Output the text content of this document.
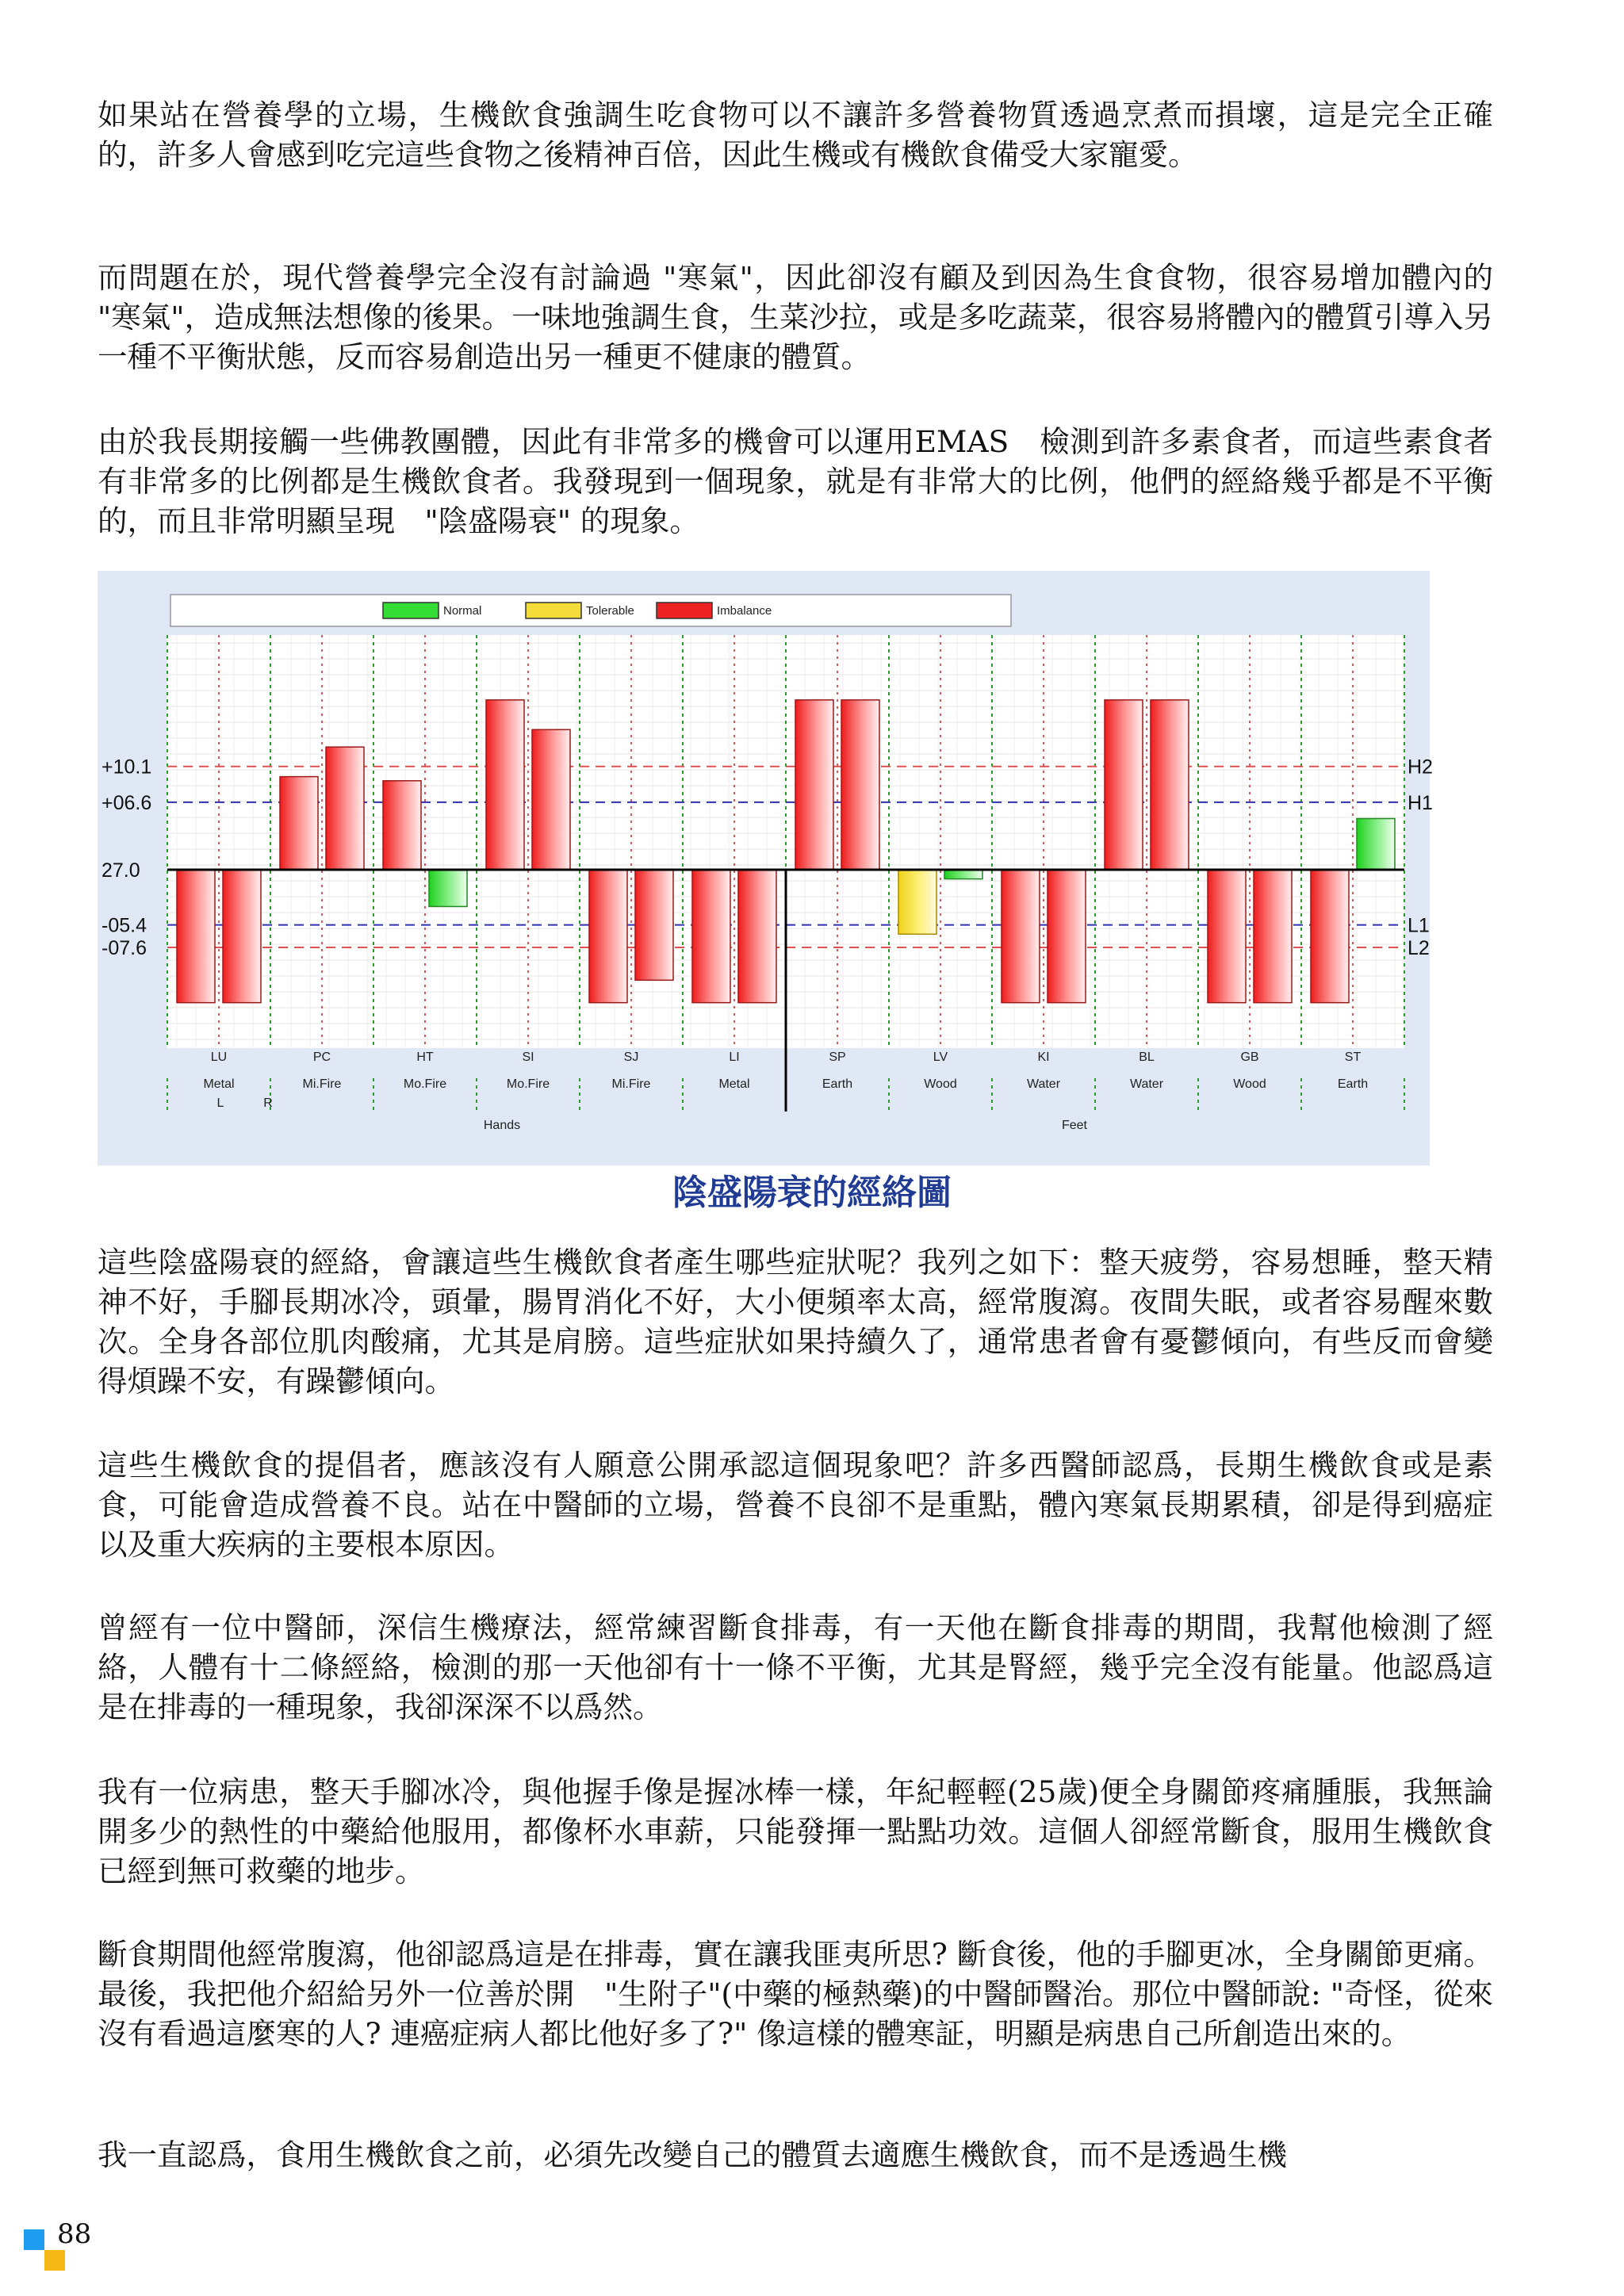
如果站在營養學的立場，生機飲食強調生吃食物可以不讓許多營養物質透過烹煮而損壞，這是完全正確的，許多人會感到吃完這些食物之後精神百倍，因此生機或有機飲食備受大家寵愛。

而問題在於，現代營養學完全沒有討論過 "寒氣"，因此卻沒有顧及到因為生食食物，很容易增加體內的 "寒氣"，造成無法想像的後果。一味地強調生食，生菜沙拉，或是多吃蔬菜，很容易將體內的體質引導入另一種不平衡狀態，反而容易創造出另一種更不健康的體質。

由於我長期接觸一些佛教團體，因此有非常多的機會可以運用EMAS　檢測到許多素食者，而這些素食者有非常多的比例都是生機飲食者。我發現到一個現象，就是有非常大的比例，他們的經絡幾乎都是不平衡的，而且非常明顯呈現　"陰盛陽衰" 的現象。

+10.1
+06.6
27.0
-05.4
-07.6
H2
H1
L1
L2
LU
Metal
PC
Mi.Fire
HT
Mo.Fire
SI
Mo.Fire
SJ
Mi.Fire
LI
Metal
SP
Earth
LV
Wood
KI
Water
BL
Water
GB
Wood
ST
Earth
L	R
Hands	Feet
Normal	Tolerable	Imbalance

陰盛陽衰的經絡圖

這些陰盛陽衰的經絡，會讓這些生機飲食者產生哪些症狀呢？我列之如下：整天疲勞，容易想睡，整天精神不好，手腳長期冰冷，頭暈，腸胃消化不好，大小便頻率太高，經常腹瀉。夜間失眠，或者容易醒來數次。全身各部位肌肉酸痛，尤其是肩膀。這些症狀如果持續久了，通常患者會有憂鬱傾向，有些反而會變得煩躁不安，有躁鬱傾向。

這些生機飲食的提倡者，應該沒有人願意公開承認這個現象吧？許多西醫師認爲，長期生機飲食或是素食，可能會造成營養不良。站在中醫師的立場，營養不良卻不是重點，體內寒氣長期累積，卻是得到癌症以及重大疾病的主要根本原因。

曾經有一位中醫師，深信生機療法，經常練習斷食排毒，有一天他在斷食排毒的期間，我幫他檢測了經絡，人體有十二條經絡，檢測的那一天他卻有十一條不平衡，尤其是腎經，幾乎完全沒有能量。他認爲這是在排毒的一種現象，我卻深深不以爲然。

我有一位病患，整天手腳冰冷，與他握手像是握冰棒一樣，年紀輕輕(25歲)便全身關節疼痛腫脹，我無論開多少的熱性的中藥給他服用，都像杯水車薪，只能發揮一點點功效。這個人卻經常斷食，服用生機飲食已經到無可救藥的地步。

斷食期間他經常腹瀉，他卻認爲這是在排毒，實在讓我匪夷所思? 斷食後，他的手腳更冰，全身關節更痛。最後，我把他介紹給另外一位善於開　"生附子"(中藥的極熱藥)的中醫師醫治。那位中醫師說: "奇怪，從來沒有看過這麼寒的人? 連癌症病人都比他好多了?" 像這樣的體寒証，明顯是病患自己所創造出來的。

我一直認爲，食用生機飲食之前，必須先改變自己的體質去適應生機飲食，而不是透過生機

88
